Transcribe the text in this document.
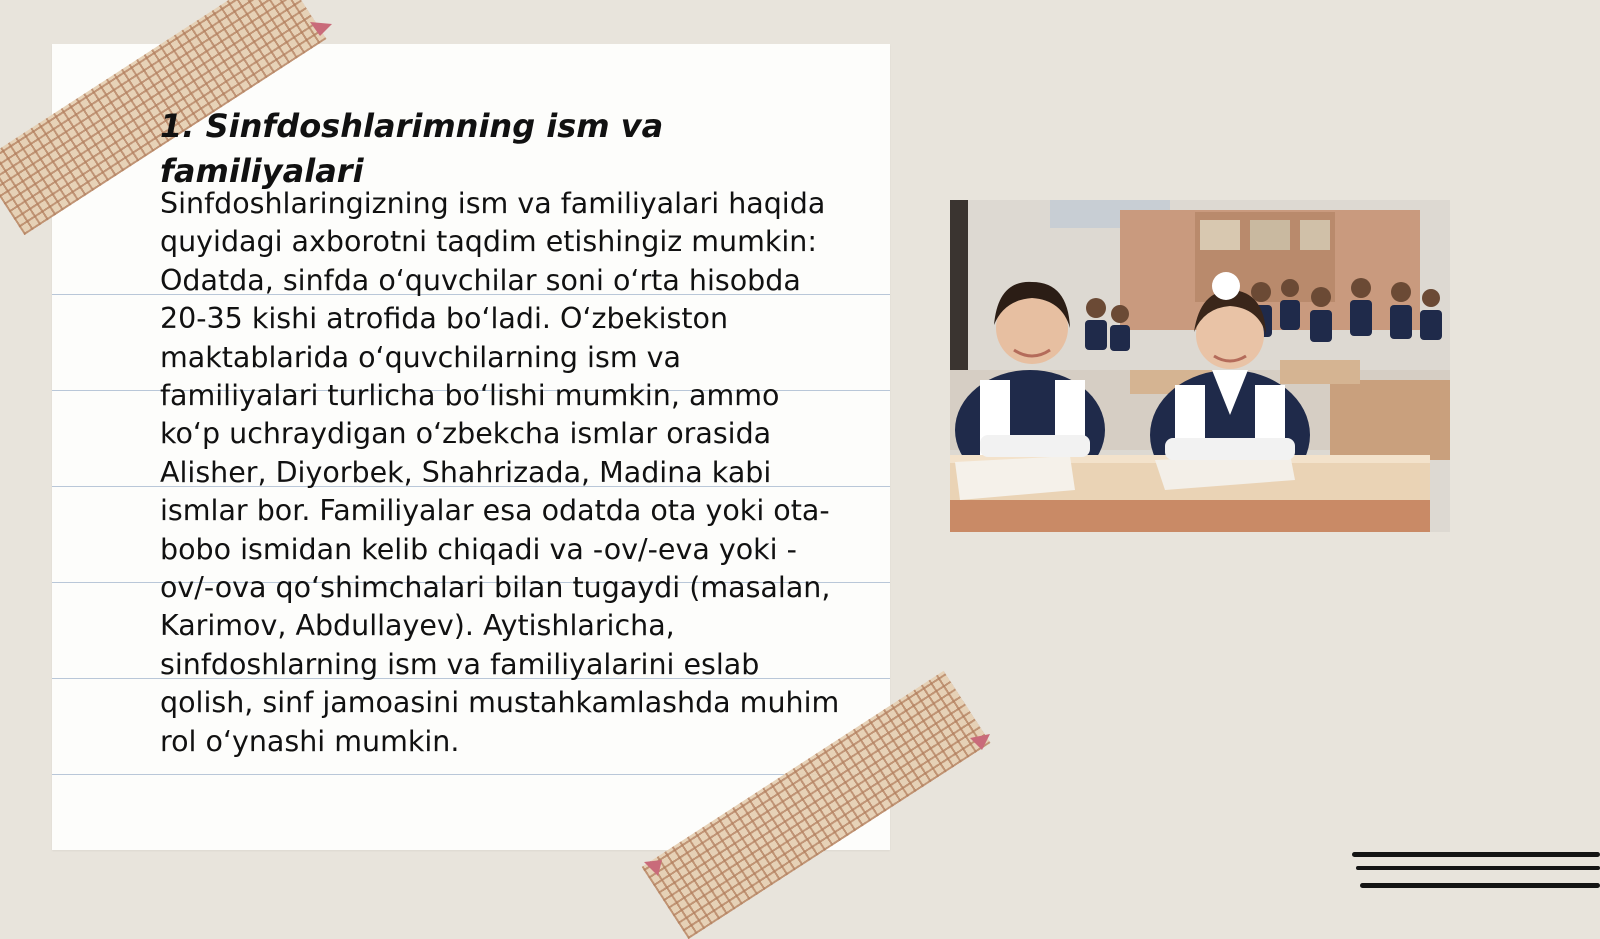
1. Sinfdoshlarimning ism va familiyalari

Sinfdoshlaringizning ism va familiyalari haqida quyidagi axborotni taqdim etishingiz mumkin: Odatda, sinfda o‘quvchilar soni o‘rta hisobda 20-35 kishi atrofida bo‘ladi. O‘zbekiston maktablarida o‘quvchilarning ism va familiyalari turlicha bo‘lishi mumkin, ammo ko‘p uchraydigan o‘zbekcha ismlar orasida Alisher, Diyorbek, Shahrizada, Madina kabi ismlar bor. Familiyalar esa odatda ota yoki ota-bobo ismidan kelib chiqadi va -ov/-eva yoki -ov/-ova qo‘shimchalari bilan tugaydi (masalan, Karimov, Abdullayev). Aytishlaricha, sinfdoshlarning ism va familiyalarini eslab qolish, sinf jamoasini mustahkamlashda muhim rol o‘ynashi mumkin.
